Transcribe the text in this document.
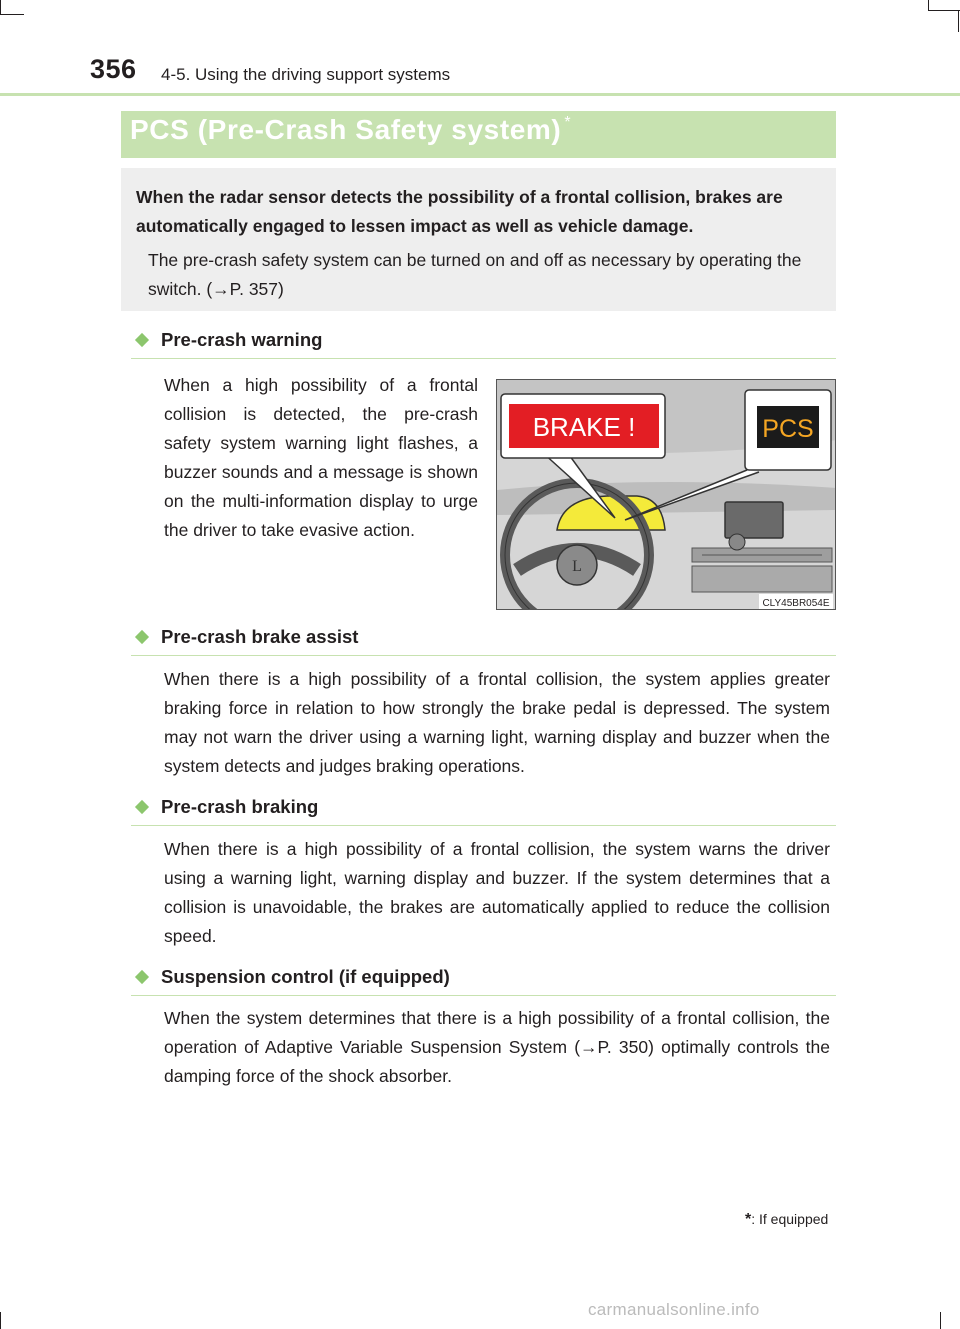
356 4-5. Using the driving support systems
PCS (Pre-Crash Safety system) *
When the radar sensor detects the possibility of a frontal collision, brakes are automatically engaged to lessen impact as well as vehicle damage.
The pre-crash safety system can be turned on and off as necessary by operating the switch. (→P. 357)
Pre-crash warning
When a high possibility of a frontal collision is detected, the pre-crash safety system warning light flashes, a buzzer sounds and a message is shown on the multi-information display to urge the driver to take evasive action.
L
BRAKE !	PCS
CLY45BR054E
Pre-crash brake assist
When there is a high possibility of a frontal collision, the system applies greater braking force in relation to how strongly the brake pedal is depressed. The system may not warn the driver using a warning light, warning display and buzzer when the system detects and judges braking operations.
Pre-crash braking
When there is a high possibility of a frontal collision, the system warns the driver using a warning light, warning display and buzzer. If the system determines that a collision is unavoidable, the brakes are automatically applied to reduce the collision speed.
Suspension control (if equipped)
When the system determines that there is a high possibility of a frontal collision, the operation of Adaptive Variable Suspension System (→P. 350) optimally controls the damping force of the shock absorber.
*: If equipped
carmanualsonline.info
